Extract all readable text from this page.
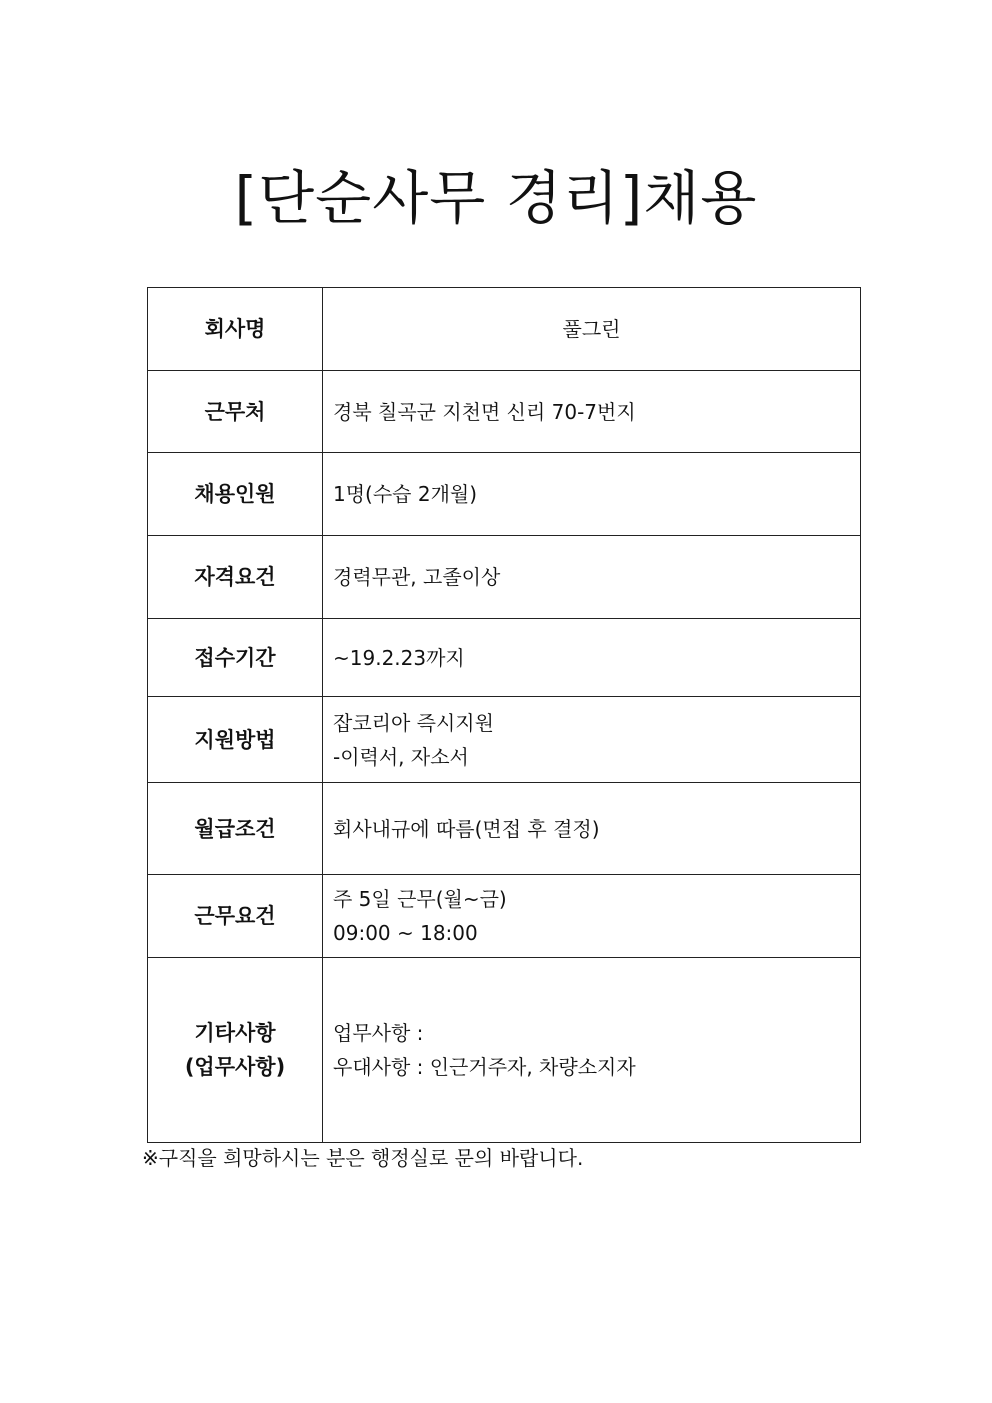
[단순사무 경리]채용
회사명	풀그린

근무처	경북 칠곡군 지천면 신리 70-7번지

채용인원	1명(수습 2개월)

자격요건	경력무관, 고졸이상

접수기간	~19.2.23까지

지원방법	잡코리아 즉시지원
-이력서, 자소서

월급조건	회사내규에 따름(면접 후 결정)

근무요건	주 5일 근무(월~금)
09:00 ~ 18:00

기타사항
(업무사항)	업무사항 :
우대사항 : 인근거주자, 차량소지자

※구직을 희망하시는 분은 행정실로 문의 바랍니다.
